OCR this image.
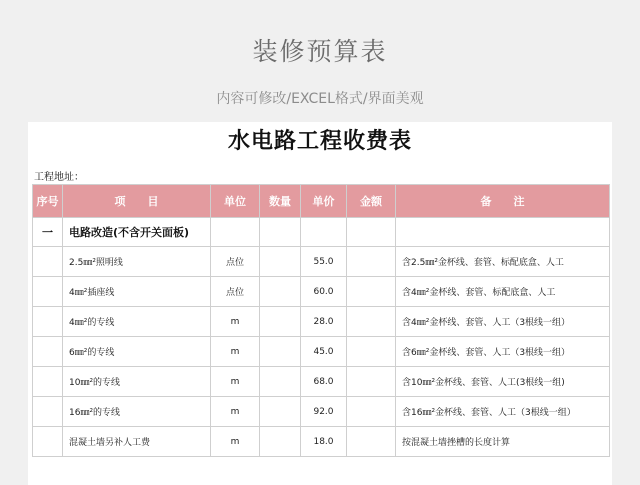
装修预算表
内容可修改/EXCEL格式/界面美观
水电路工程收费表
工程地址：
序号	项　　目	单位	数量	单价	金额	备　　注
一	电路改造(不含开关面板)					
	2.5㎜²照明线	点位		55.0		含2.5㎜²金杯线、套管、标配底盒、人工
	4㎜²插座线	点位		60.0		含4㎜²金杯线、套管、标配底盒、人工
	4㎜²的专线	m		28.0		含4㎜²金杯线、套管、人工（3根线一组）
	6㎜²的专线	m		45.0		含6㎜²金杯线、套管、人工（3根线一组）
	10㎜²的专线	m		68.0		含10㎜²金杯线、套管、人工(3根线一组)
	16㎜²的专线	m		92.0		含16㎜²金杯线、套管、人工（3根线一组）
	混凝土墙另补人工费	m		18.0		按混凝土墙挫槽的长度计算
